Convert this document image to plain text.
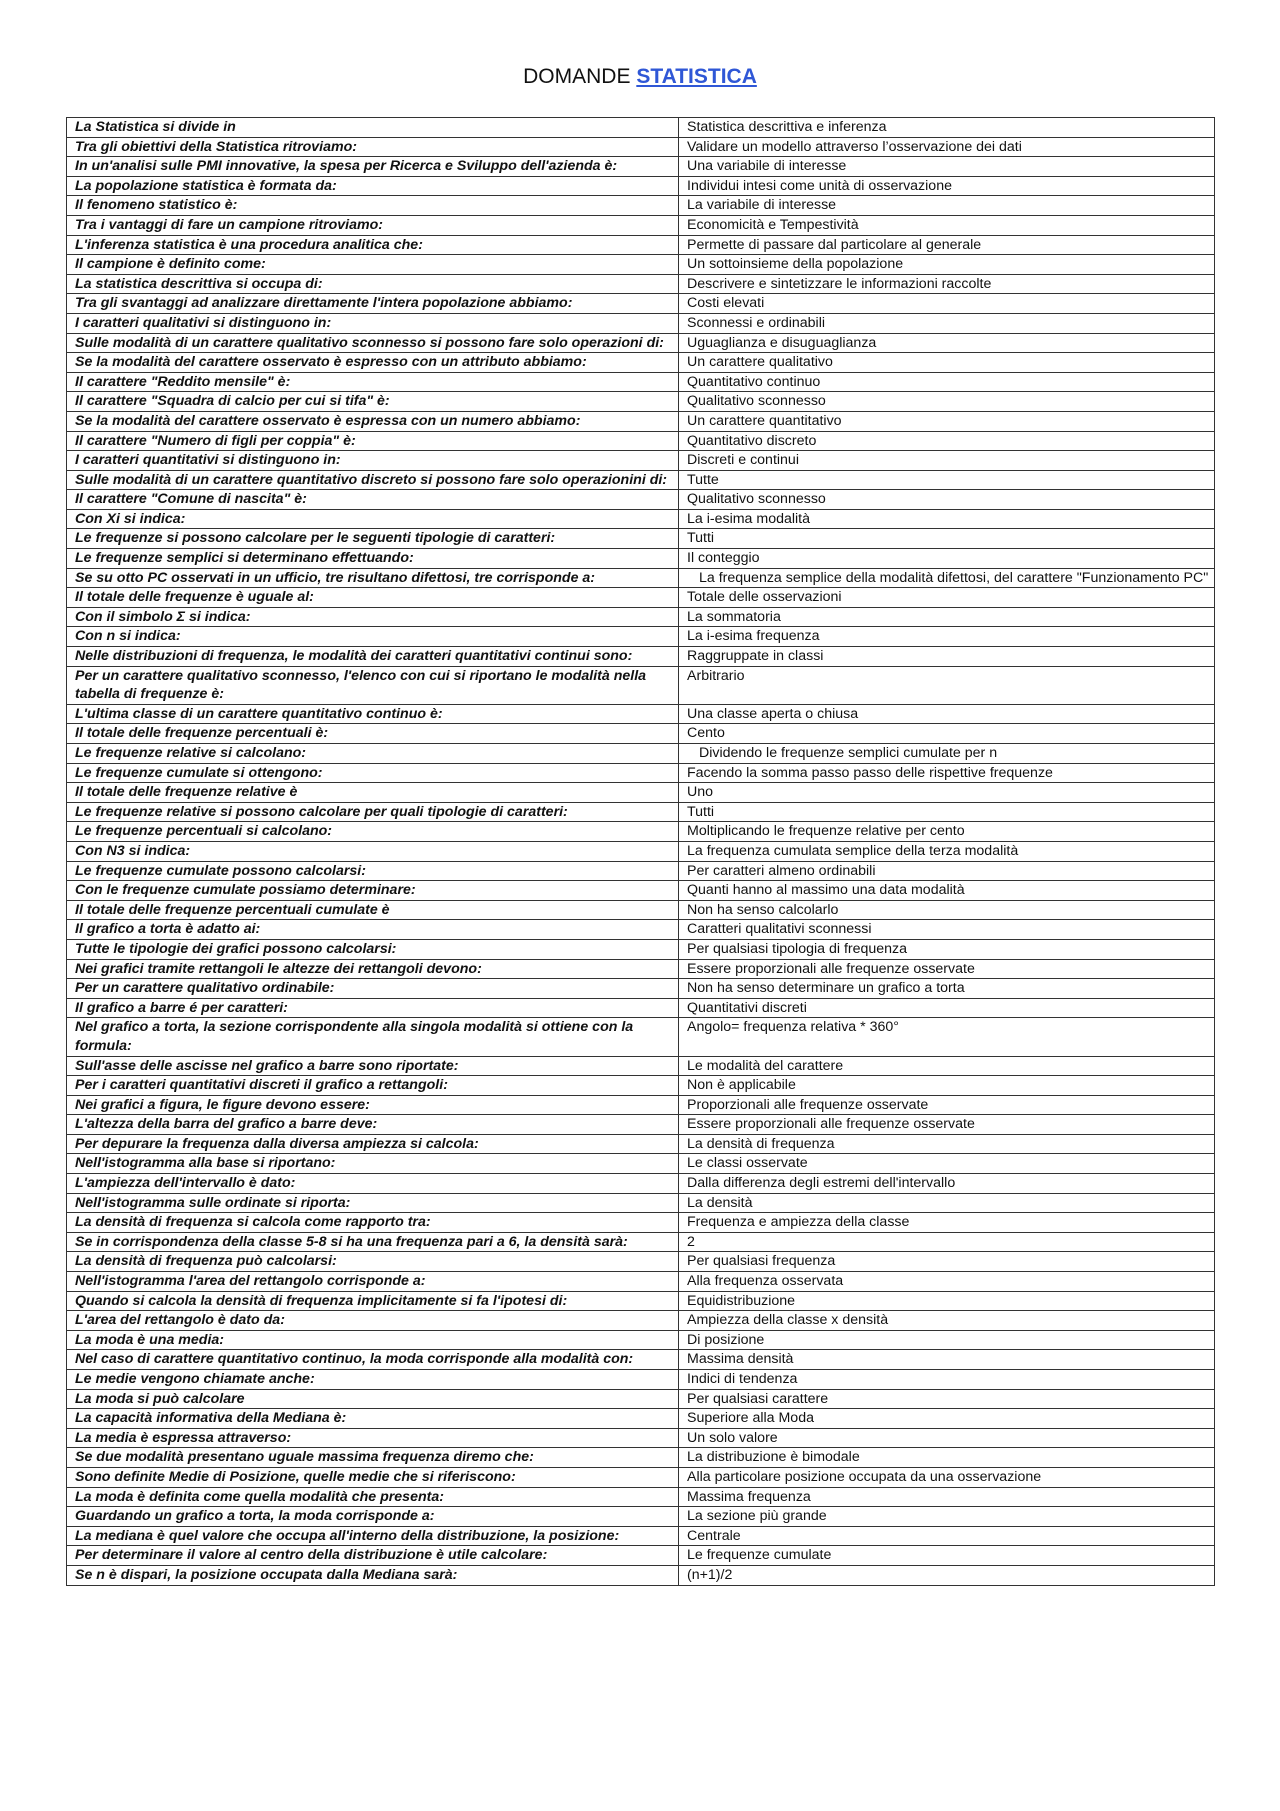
DOMANDE STATISTICA
La Statistica si divide in	Statistica descrittiva e inferenza
Tra gli obiettivi della Statistica ritroviamo:	Validare un modello attraverso l’osservazione dei dati
In un'analisi sulle PMI innovative, la spesa per Ricerca e Sviluppo dell'azienda è:	Una variabile di interesse
La popolazione statistica è formata da:	Individui intesi come unità di osservazione
Il fenomeno statistico è:	La variabile di interesse
Tra i vantaggi di fare un campione ritroviamo:	Economicità e Tempestività
L'inferenza statistica è una procedura analitica che:	Permette di passare dal particolare al generale
Il campione è definito come:	Un sottoinsieme della popolazione
La statistica descrittiva si occupa di:	Descrivere e sintetizzare le informazioni raccolte
Tra gli svantaggi ad analizzare direttamente l'intera popolazione abbiamo:	Costi elevati
I caratteri qualitativi si distinguono in:	Sconnessi e ordinabili
Sulle modalità di un carattere qualitativo sconnesso si possono fare solo operazioni di:	Uguaglianza e disuguaglianza
Se la modalità del carattere osservato è espresso con un attributo abbiamo:	Un carattere qualitativo
Il carattere "Reddito mensile" è:	Quantitativo continuo
Il carattere "Squadra di calcio per cui si tifa" è:	Qualitativo sconnesso
Se la modalità del carattere osservato è espressa con un numero abbiamo:	Un carattere quantitativo
Il carattere "Numero di figli per coppia" è:	Quantitativo discreto
I caratteri quantitativi si distinguono in:	Discreti e continui
Sulle modalità di un carattere quantitativo discreto si possono fare solo operazionini di:	Tutte
Il carattere "Comune di nascita" è:	Qualitativo sconnesso
Con Xi si indica:	La i-esima modalità
Le frequenze si possono calcolare per le seguenti tipologie di caratteri:	Tutti
Le frequenze semplici si determinano effettuando:	Il conteggio
Se su otto PC osservati in un ufficio, tre risultano difettosi, tre corrisponde a:	La frequenza semplice della modalità difettosi, del carattere "Funzionamento PC"
Il totale delle frequenze è uguale al:	Totale delle osservazioni
Con il simbolo Σ si indica:	La sommatoria
Con n si indica:	La i-esima frequenza
Nelle distribuzioni di frequenza, le modalità dei caratteri quantitativi continui sono:	Raggruppate in classi
Per un carattere qualitativo sconnesso, l'elenco con cui si riportano le modalità nella tabella di frequenze è:	Arbitrario
L'ultima classe di un carattere quantitativo continuo è:	Una classe aperta o chiusa
Il totale delle frequenze percentuali è:	Cento
Le frequenze relative si calcolano:	Dividendo le frequenze semplici cumulate per n
Le frequenze cumulate si ottengono:	Facendo la somma passo passo delle rispettive frequenze
Il totale delle frequenze relative è	Uno
Le frequenze relative si possono calcolare per quali tipologie di caratteri:	Tutti
Le frequenze percentuali si calcolano:	Moltiplicando le frequenze relative per cento
Con N3 si indica:	La frequenza cumulata semplice della terza modalità
Le frequenze cumulate possono calcolarsi:	Per caratteri almeno ordinabili
Con le frequenze cumulate possiamo determinare:	Quanti hanno al massimo una data modalità
Il totale delle frequenze percentuali cumulate è	Non ha senso calcolarlo
Il grafico a torta è adatto ai:	Caratteri qualitativi sconnessi
Tutte le tipologie dei grafici possono calcolarsi:	Per qualsiasi tipologia di frequenza
Nei grafici tramite rettangoli le altezze dei rettangoli devono:	Essere proporzionali alle frequenze osservate
Per un carattere qualitativo ordinabile:	Non ha senso determinare un grafico a torta
Il grafico a barre é per caratteri:	Quantitativi discreti
Nel grafico a torta, la sezione corrispondente alla singola modalità si ottiene con la formula:	Angolo= frequenza relativa * 360°
Sull'asse delle ascisse nel grafico a barre sono riportate:	Le modalità del carattere
Per i caratteri quantitativi discreti il grafico a rettangoli:	Non è applicabile
Nei grafici a figura, le figure devono essere:	Proporzionali alle frequenze osservate
L'altezza della barra del grafico a barre deve:	Essere proporzionali alle frequenze osservate
Per depurare la frequenza dalla diversa ampiezza si calcola:	La densità di frequenza
Nell'istogramma alla base si riportano:	Le classi osservate
L'ampiezza dell'intervallo è dato:	Dalla differenza degli estremi dell'intervallo
Nell'istogramma sulle ordinate si riporta:	La densità
La densità di frequenza si calcola come rapporto tra:	Frequenza e ampiezza della classe
Se in corrispondenza della classe 5-8 si ha una frequenza pari a 6, la densità sarà:	2
La densità di frequenza può calcolarsi:	Per qualsiasi frequenza
Nell'istogramma l'area del rettangolo corrisponde a:	Alla frequenza osservata
Quando si calcola la densità di frequenza implicitamente si fa l'ipotesi di:	Equidistribuzione
L'area del rettangolo è dato da:	Ampiezza della classe x densità
La moda è una media:	Di posizione
Nel caso di carattere quantitativo continuo, la moda corrisponde alla modalità con:	Massima densità
Le medie vengono chiamate anche:	Indici di tendenza
La moda si può calcolare	Per qualsiasi carattere
La capacità informativa della Mediana è:	Superiore alla Moda
La media è espressa attraverso:	Un solo valore
Se due modalità presentano uguale massima frequenza diremo che:	La distribuzione è bimodale
Sono definite Medie di Posizione, quelle medie che si riferiscono:	Alla particolare posizione occupata da una osservazione
La moda è definita come quella modalità che presenta:	Massima frequenza
Guardando un grafico a torta, la moda corrisponde a:	La sezione più grande
La mediana è quel valore che occupa all'interno della distribuzione, la posizione:	Centrale
Per determinare il valore al centro della distribuzione è utile calcolare:	Le frequenze cumulate
Se n è dispari, la posizione occupata dalla Mediana sarà:	(n+1)/2
